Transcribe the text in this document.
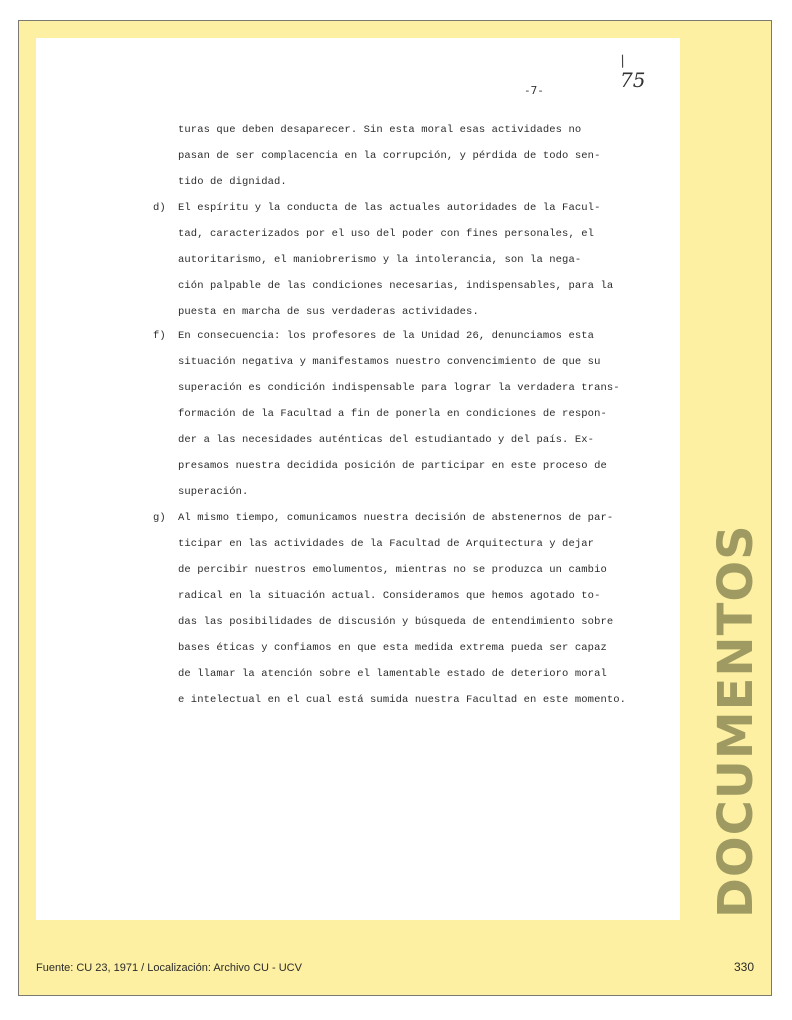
-7-
/
75

turas que deben desaparecer. Sin esta moral esas actividades no

pasan de ser complacencia en la corrupción, y pérdida de todo sen-

tido de dignidad.

d) El espíritu y la conducta de las actuales autoridades de la Facul-

tad, caracterizados por el uso del poder con fines personales, el

autoritarismo, el maniobrerismo y la intolerancia, son la nega-

ción palpable de las condiciones necesarias, indispensables, para la

puesta en marcha de sus verdaderas actividades.

f) En consecuencia: los profesores de la Unidad 26, denunciamos esta

situación negativa y manifestamos nuestro convencimiento de que su

superación es condición indispensable para lograr la verdadera trans-

formación de la Facultad a fin de ponerla en condiciones de respon-

der a las necesidades auténticas del estudiantado y del país. Ex-

presamos nuestra decidida posición de participar en este proceso de

superación.

g) Al mismo tiempo, comunicamos nuestra decisión de abstenernos de par-

ticipar en las actividades de la Facultad de Arquitectura y dejar

de percibir nuestros emolumentos, mientras no se produzca un cambio

radical en la situación actual. Consideramos que hemos agotado to-

das las posibilidades de discusión y búsqueda de entendimiento sobre

bases éticas y confiamos en que esta medida extrema pueda ser capaz

de llamar la atención sobre el lamentable estado de deterioro moral

e intelectual en el cual está sumida nuestra Facultad en este momento.

Fuente: CU 23, 1971 / Localización: Archivo CU - UCV	330
DOCUMENTOS
